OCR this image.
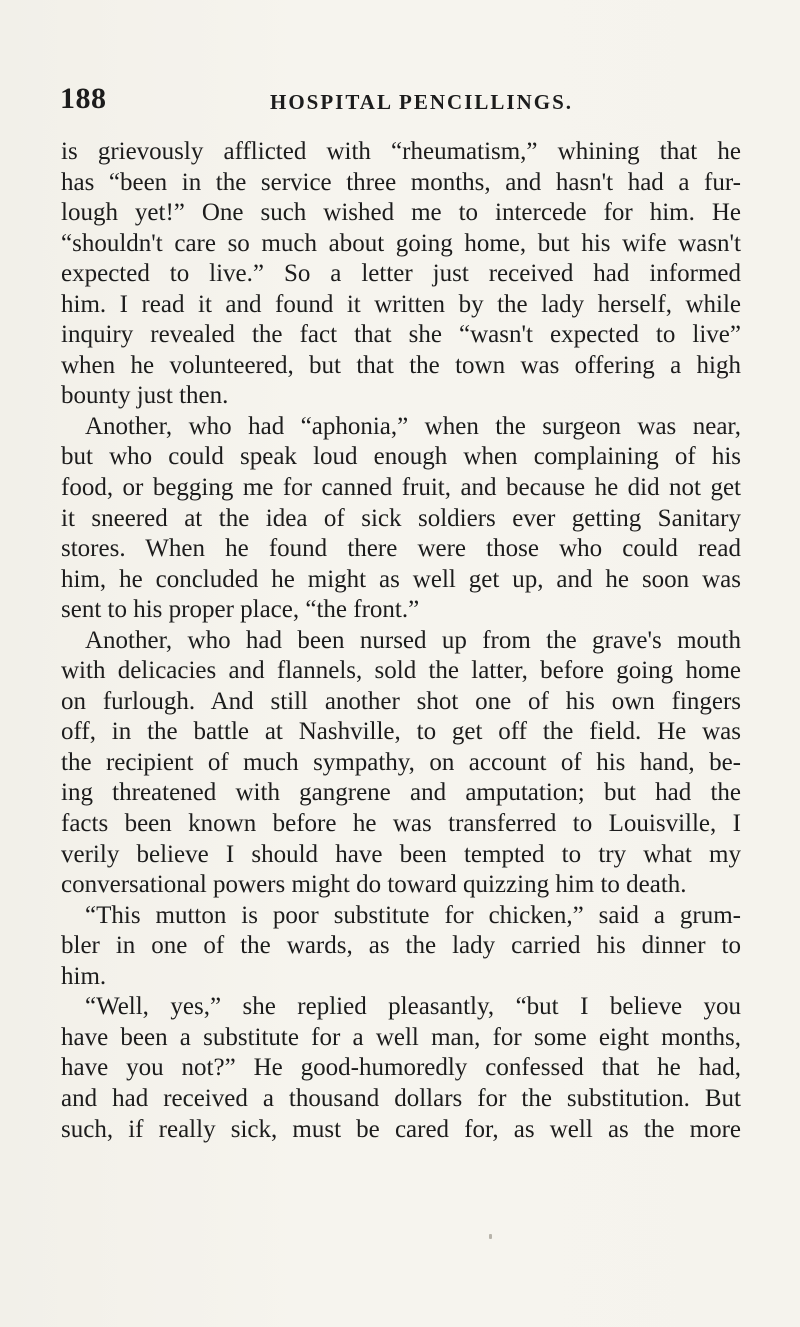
188	HOSPITAL PENCILLINGS.
is grievously afflicted with “rheumatism,” whining that he
has “been in the service three months, and hasn't had a fur-
lough yet!” One such wished me to intercede for him. He
“shouldn't care so much about going home, but his wife wasn't
expected to live.” So a letter just received had informed
him. I read it and found it written by the lady herself, while
inquiry revealed the fact that she “wasn't expected to live”
when he volunteered, but that the town was offering a high
bounty just then.
Another, who had “aphonia,” when the surgeon was near,
but who could speak loud enough when complaining of his
food, or begging me for canned fruit, and because he did not get
it sneered at the idea of sick soldiers ever getting Sanitary
stores. When he found there were those who could read
him, he concluded he might as well get up, and he soon was
sent to his proper place, “the front.”
Another, who had been nursed up from the grave's mouth
with delicacies and flannels, sold the latter, before going home
on furlough. And still another shot one of his own fingers
off, in the battle at Nashville, to get off the field. He was
the recipient of much sympathy, on account of his hand, be-
ing threatened with gangrene and amputation; but had the
facts been known before he was transferred to Louisville, I
verily believe I should have been tempted to try what my
conversational powers might do toward quizzing him to death.
“This mutton is poor substitute for chicken,” said a grum-
bler in one of the wards, as the lady carried his dinner to
him.
“Well, yes,” she replied pleasantly, “but I believe you
have been a substitute for a well man, for some eight months,
have you not?” He good-humoredly confessed that he had,
and had received a thousand dollars for the substitution. But
such, if really sick, must be cared for, as well as the more
